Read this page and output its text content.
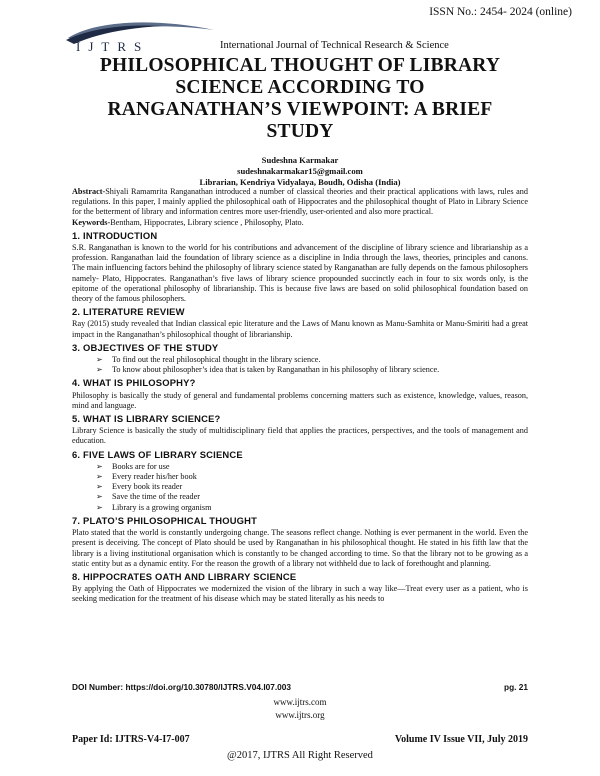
ISSN No.: 2454- 2024 (online)
IJTRS	International Journal of Technical Research & Science
PHILOSOPHICAL THOUGHT OF LIBRARY
SCIENCE ACCORDING TO
RANGANATHAN’S VIEWPOINT: A BRIEF
STUDY
Sudeshna Karmakar
sudeshnakarmakar15@gmail.com
Librarian, Kendriya Vidyalaya, Boudh, Odisha (India)

Abstract-Shiyali Ramamrita Ranganathan introduced a number of classical theories and their practical applications with laws, rules and regulations. In this paper, I mainly applied the philosophical oath of Hippocrates and the philosophical thought of Plato in Library Science for the betterment of library and information centres more user-friendly, user-oriented and also more practical.

Keywords-Bentham, Hippocrates, Library science , Philosophy, Plato.

1. INTRODUCTION

S.R. Ranganathan is known to the world for his contributions and advancement of the discipline of library science and librarianship as a profession. Ranganathan laid the foundation of library science as a discipline in India through the laws, theories, principles and canons. The main influencing factors behind the philosophy of library science stated by Ranganathan are fully depends on the famous philosophers namely- Plato, Hippocrates. Ranganathan’s five laws of library science propounded succinctly each in four to six words only, is the epitome of the operational philosophy of librarianship. This is because five laws are based on solid philosophical foundation based on theory of the famous philosophers.

2. LITERATURE REVIEW

Ray (2015) study revealed that Indian classical epic literature and the Laws of Manu known as Manu-Samhita or Manu-Smiriti had a great impact in the Ranganathan’s philosophical thought of librarianship.

3. OBJECTIVES OF THE STUDY
➢ To find out the real philosophical thought in the library science.
➢ To know about philosopher’s idea that is taken by Ranganathan in his philosophy of library science.
4. WHAT IS PHILOSOPHY?

Philosophy is basically the study of general and fundamental problems concerning matters such as existence, knowledge, values, reason, mind and language.

5. WHAT IS LIBRARY SCIENCE?

Library Science is basically the study of multidisciplinary field that applies the practices, perspectives, and the tools of management and education.

6. FIVE LAWS OF LIBRARY SCIENCE
➢ Books are for use
➢ Every reader his/her book
➢ Every book its reader
➢ Save the time of the reader
➢ Library is a growing organism
7. PLATO’S PHILOSOPHICAL THOUGHT

Plato stated that the world is constantly undergoing change. The seasons reflect change. Nothing is ever permanent in the world. Even the present is deceiving. The concept of Plato should be used by Ranganathan in his philosophical thought. He stated in his fifth law that the library is a living institutional organisation which is constantly to be changed according to time. So that the library not to be growing as a static entity but as a dynamic entity. For the reason the growth of a library not withheld due to lack of forethought and planning.

8. HIPPOCRATES OATH AND LIBRARY SCIENCE

By applying the Oath of Hippocrates we modernized the vision of the library in such a way like—Treat every user as a patient, who is seeking medication for the treatment of his disease which may be stated literally as his needs to

DOI Number: https://doi.org/10.30780/IJTRS.V04.I07.003	pg. 21
www.ijtrs.com
www.ijtrs.org
Paper Id: IJTRS-V4-I7-007	Volume IV Issue VII, July 2019
@2017, IJTRS All Right Reserved
